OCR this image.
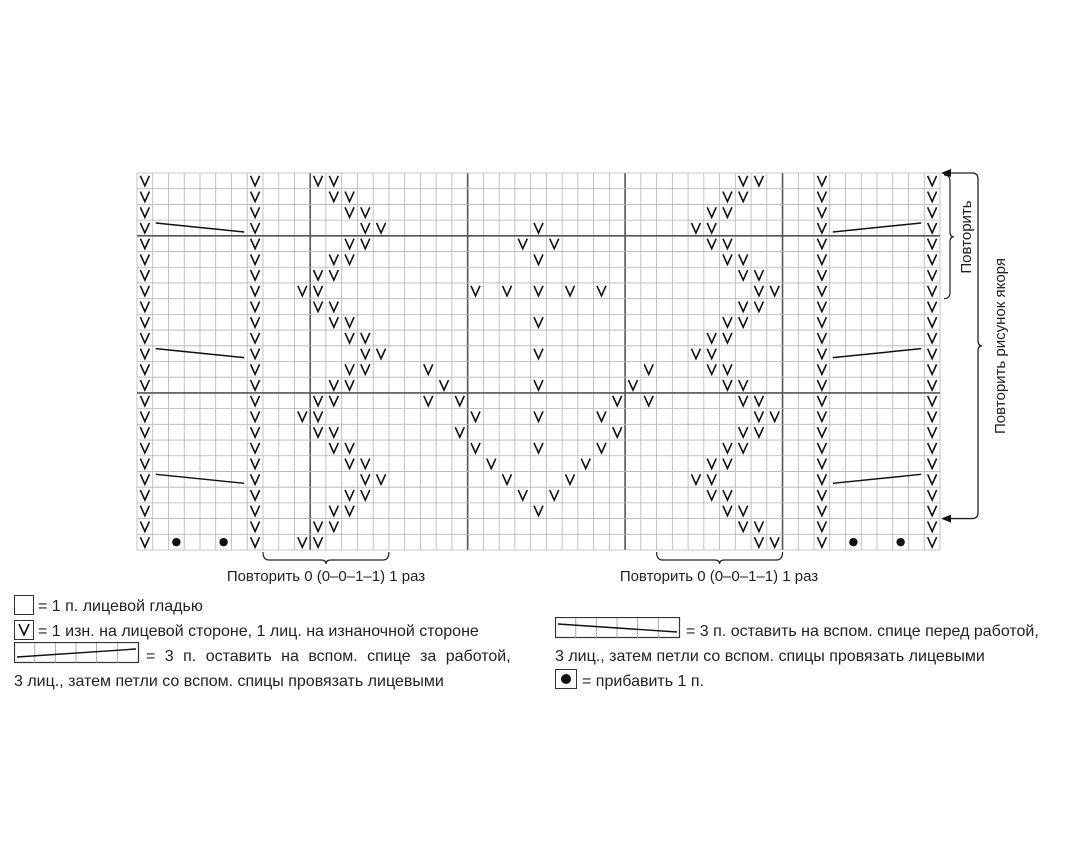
Повторить 0 (0–0–1–1) 1 раз	Повторить 0 (0–0–1–1) 1 раз
Повторить
Повторить рисунок якоря
= 1 п. лицевой гладью
= 1 изн. на лицевой стороне, 1 лиц. на изнаночной стороне
= 3 п. оставить на вспом. спице за работой,
3 лиц., затем петли со вспом. спицы провязать лицевыми
= 3 п. оставить на вспом. спице перед работой,
3 лиц., затем петли со вспом. спицы провязать лицевыми
= прибавить 1 п.
